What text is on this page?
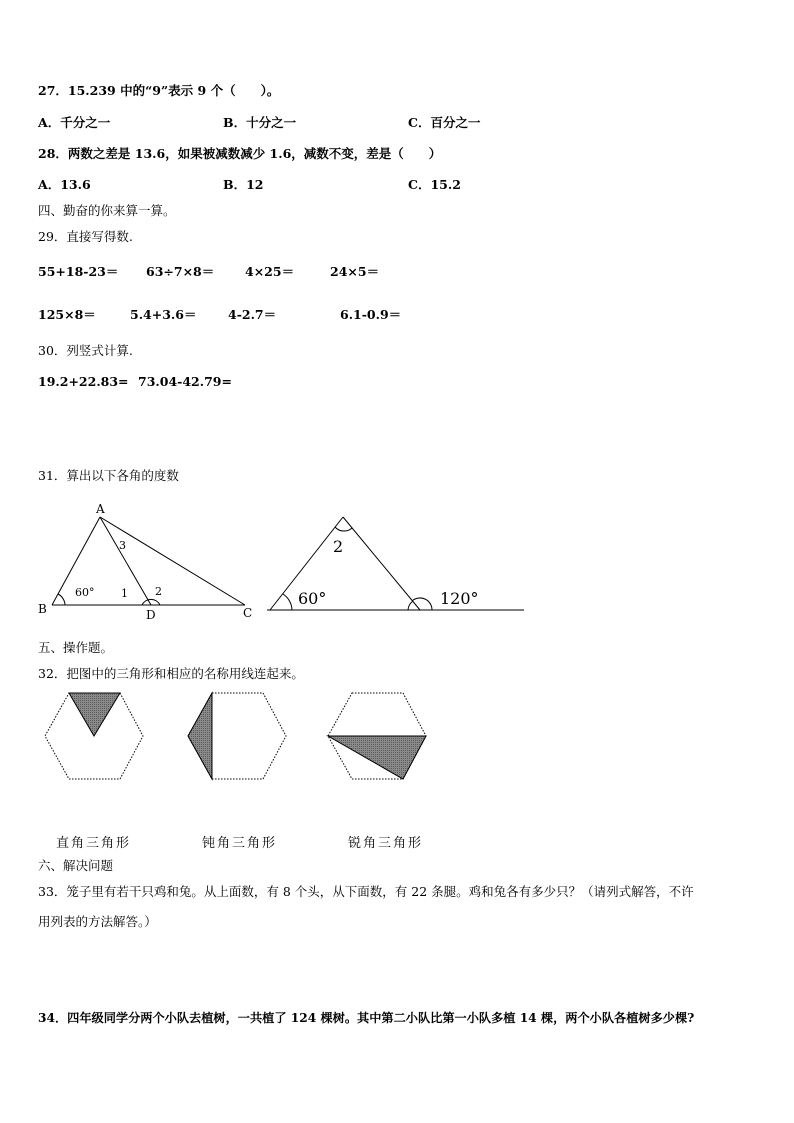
27．15.239 中的“9”表示 9 个（　　）。
A．千分之一	B．十分之一	C．百分之一
28．两数之差是 13.6，如果被减数减少 1.6，减数不变，差是（　　）
A．13.6	B．12	C．15.2
四、勤奋的你来算一算。
29．直接写得数.
55+18-23＝ 63÷7×8＝ 4×25＝	24×5＝
125×8＝	5.4+3.6＝	4-2.7＝	6.1-0.9＝
30．列竖式计算.
19.2+22.83= 73.04-42.79=
31．算出以下各角的度数
A
B	C
D
60° 1 2
3	2
60°	120°
五、操作题。
32．把图中的三角形和相应的名称用线连起来。
直角三角形	钝角三角形	锐角三角形
六、解决问题
33．笼子里有若干只鸡和兔。从上面数，有 8 个头，从下面数，有 22 条腿。鸡和兔各有多少只？（请列式解答，不许
用列表的方法解答。）
34．四年级同学分两个小队去植树，一共植了 124 棵树。其中第二小队比第一小队多植 14 棵，两个小队各植树多少棵?
